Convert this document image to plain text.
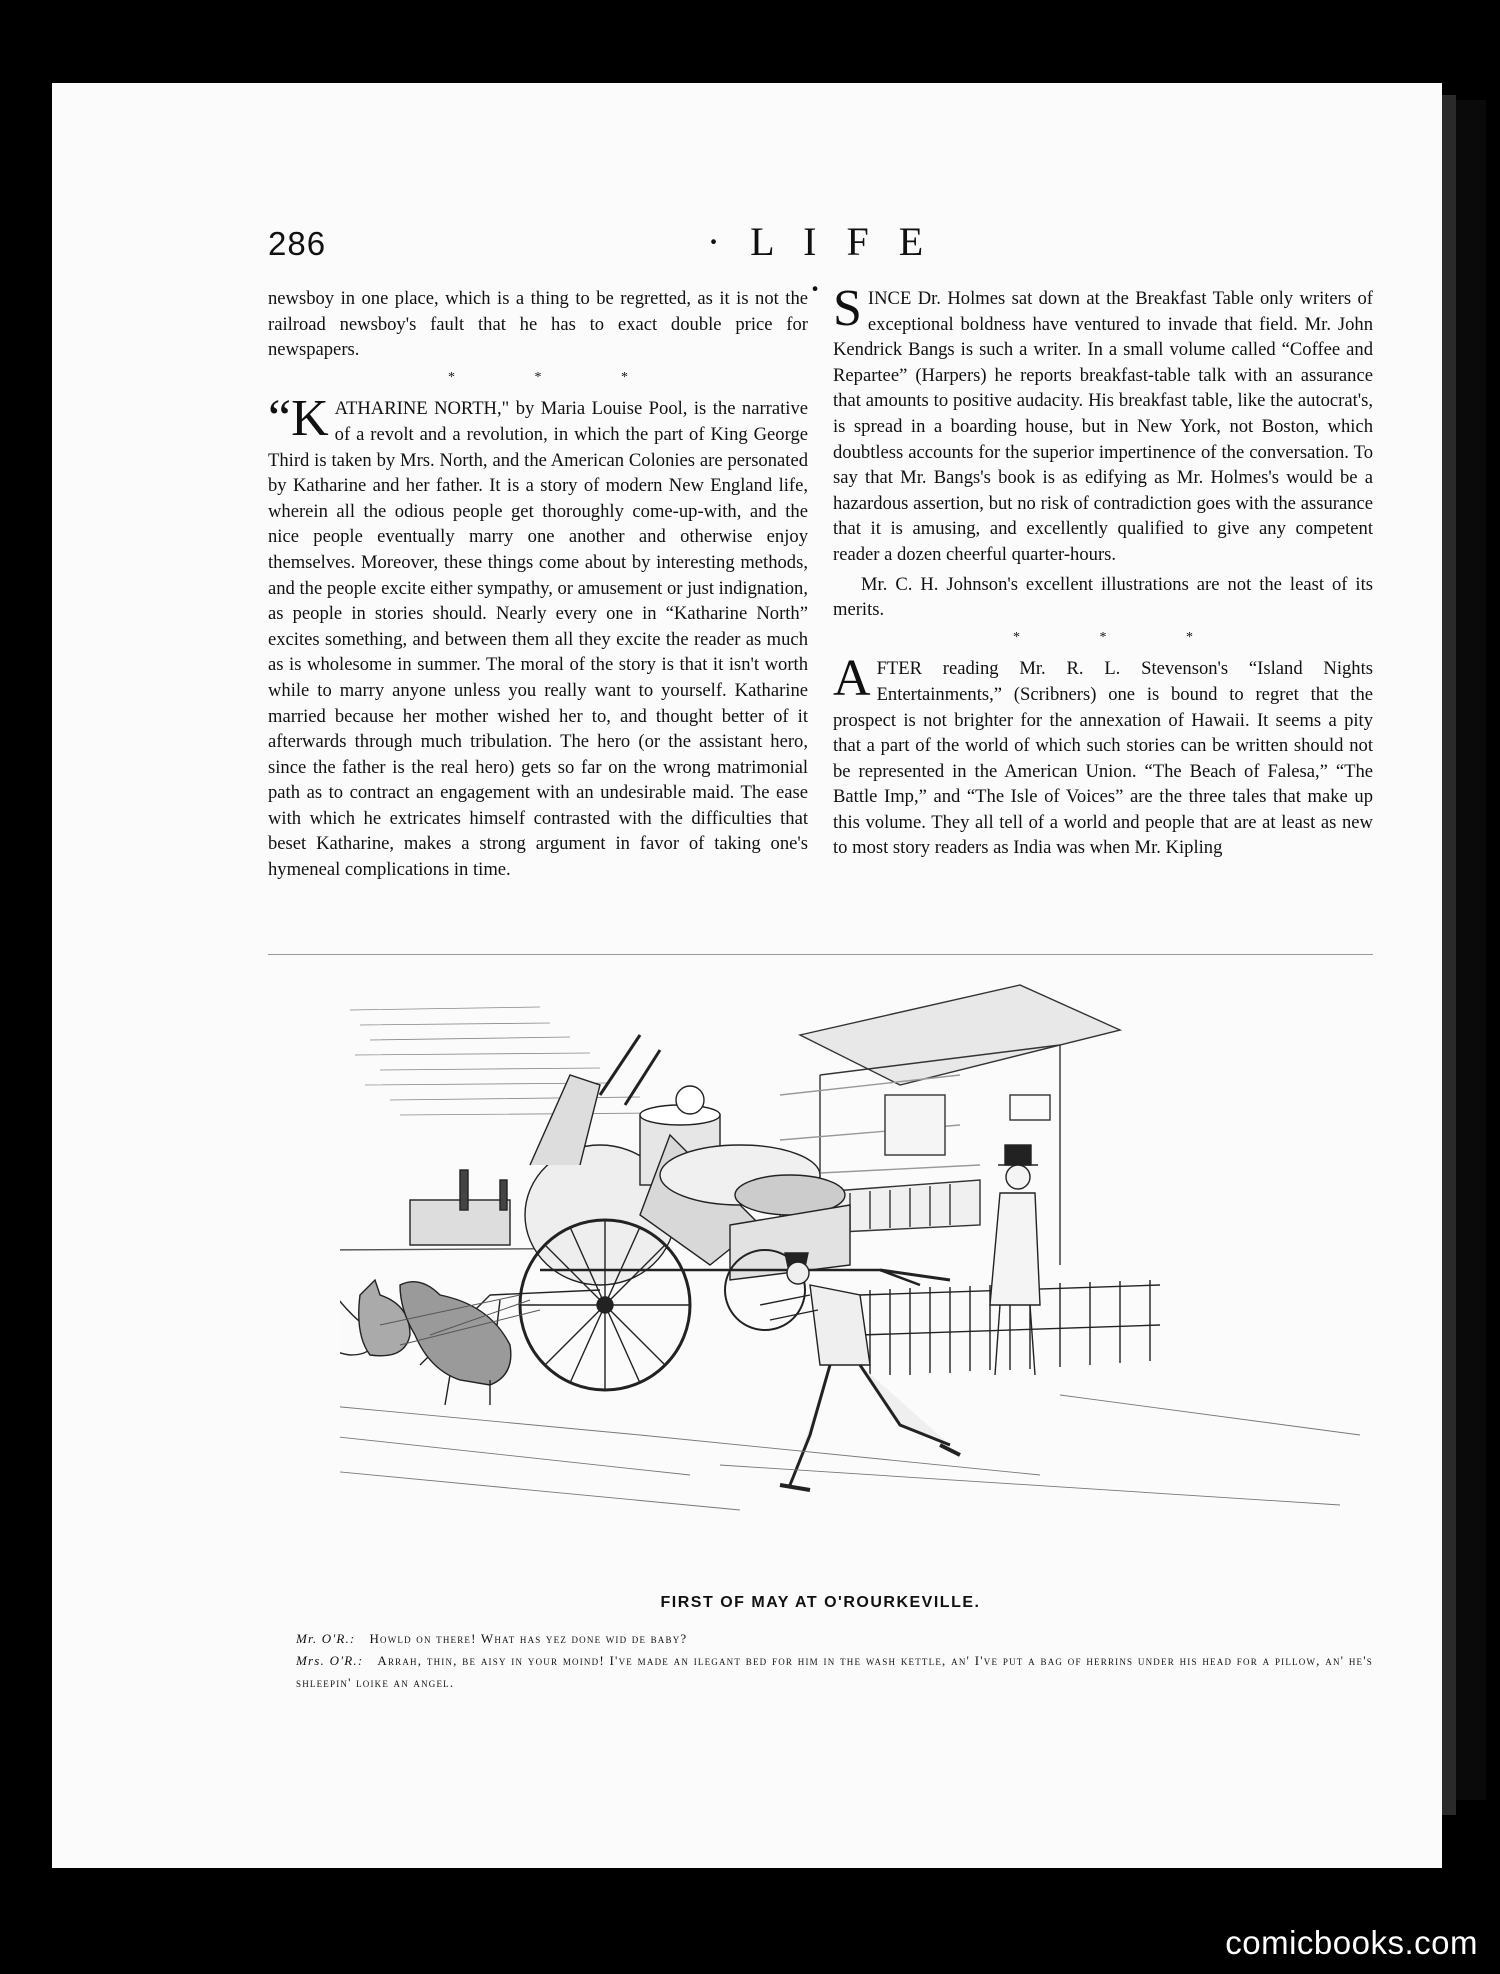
286	· L I F E ·

newsboy in one place, which is a thing to be regretted, as it is not the railroad newsboy's fault that he has to exact double price for newspapers.

* * *

“KATHARINE NORTH," by Maria Louise Pool, is the narrative of a revolt and a revolution, in which the part of King George Third is taken by Mrs. North, and the American Colonies are personated by Katharine and her father. It is a story of modern New England life, wherein all the odious people get thoroughly come-up-with, and the nice people eventually marry one another and otherwise enjoy themselves. Moreover, these things come about by interesting methods, and the people excite either sympathy, or amusement or just indignation, as people in stories should. Nearly every one in “Katharine North” excites something, and between them all they excite the reader as much as is wholesome in summer. The moral of the story is that it isn't worth while to marry anyone unless you really want to yourself. Katharine married because her mother wished her to, and thought better of it afterwards through much tribulation. The hero (or the assistant hero, since the father is the real hero) gets so far on the wrong matrimonial path as to contract an engagement with an undesirable maid. The ease with which he extricates himself contrasted with the difficulties that beset Katharine, makes a strong argument in favor of taking one's hymeneal complications in time.

SINCE Dr. Holmes sat down at the Breakfast Table only writers of exceptional boldness have ventured to invade that field. Mr. John Kendrick Bangs is such a writer. In a small volume called “Coffee and Repartee” (Harpers) he reports breakfast-table talk with an assurance that amounts to positive audacity. His breakfast table, like the autocrat's, is spread in a boarding house, but in New York, not Boston, which doubtless accounts for the superior impertinence of the conversation. To say that Mr. Bangs's book is as edifying as Mr. Holmes's would be a hazardous assertion, but no risk of contradiction goes with the assurance that it is amusing, and excellently qualified to give any competent reader a dozen cheerful quarter-hours.

Mr. C. H. Johnson's excellent illustrations are not the least of its merits.

* * *

AFTER reading Mr. R. L. Stevenson's “Island Nights Entertainments,” (Scribners) one is bound to regret that the prospect is not brighter for the annexation of Hawaii. It seems a pity that a part of the world of which such stories can be written should not be represented in the American Union. “The Beach of Falesa,” “The Battle Imp,” and “The Isle of Voices” are the three tales that make up this volume. They all tell of a world and people that are at least as new to most story readers as India was when Mr. Kipling

FIRST OF MAY AT O'ROURKEVILLE.
Mr. O'R.: Howld on there! What has yez done wid de baby?
Mrs. O'R.: Arrah, thin, be aisy in your moind! I've made an ilegant bed for him in the wash kettle, an' I've put a bag of herrins under his head for a pillow, an' he's shleepin' loike an angel.
comicbooks.com
